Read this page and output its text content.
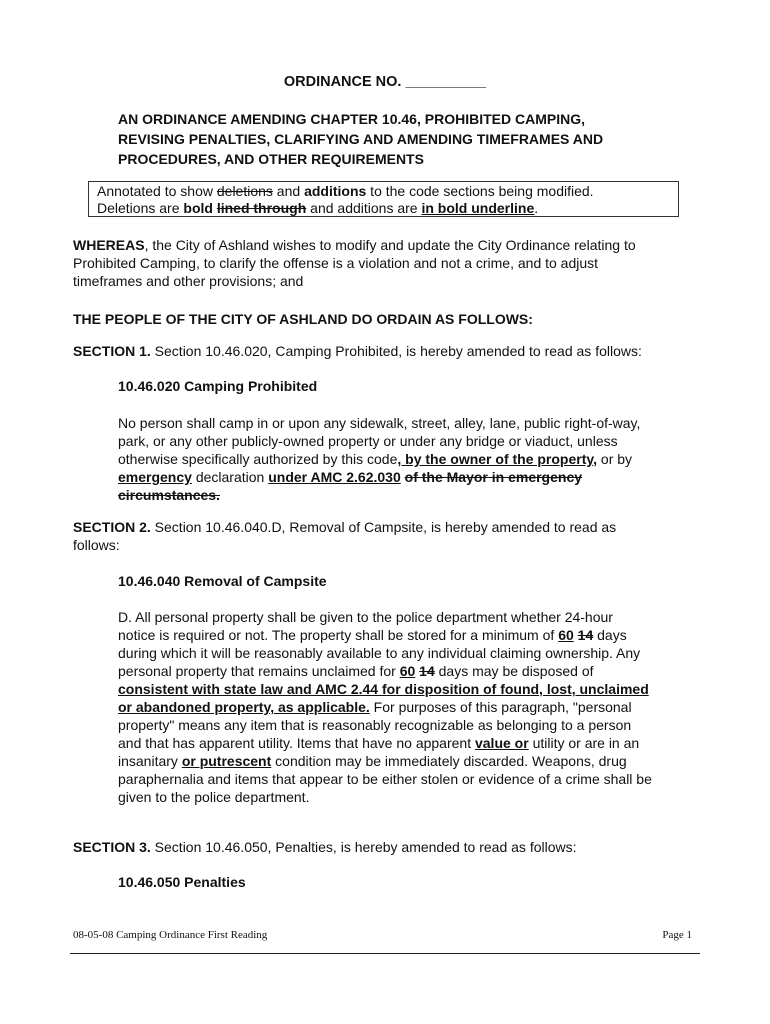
ORDINANCE NO. __________
AN ORDINANCE AMENDING CHAPTER 10.46, PROHIBITED CAMPING,
REVISING PENALTIES, CLARIFYING AND AMENDING TIMEFRAMES AND
PROCEDURES, AND OTHER REQUIREMENTS
Annotated to show deletions and additions to the code sections being modified.
Deletions are bold lined through and additions are in bold underline.
WHEREAS, the City of Ashland wishes to modify and update the City Ordinance relating to
Prohibited Camping, to clarify the offense is a violation and not a crime, and to adjust
timeframes and other provisions; and
THE PEOPLE OF THE CITY OF ASHLAND DO ORDAIN AS FOLLOWS:
SECTION 1. Section 10.46.020, Camping Prohibited, is hereby amended to read as follows:
10.46.020 Camping Prohibited
No person shall camp in or upon any sidewalk, street, alley, lane, public right-of-way,
park, or any other publicly-owned property or under any bridge or viaduct, unless
otherwise specifically authorized by this code, by the owner of the property, or by
emergency declaration under AMC 2.62.030 of the Mayor in emergency
circumstances.
SECTION 2. Section 10.46.040.D, Removal of Campsite, is hereby amended to read as
follows:
10.46.040 Removal of Campsite
D. All personal property shall be given to the police department whether 24-hour
notice is required or not. The property shall be stored for a minimum of 60 14 days
during which it will be reasonably available to any individual claiming ownership. Any
personal property that remains unclaimed for 60 14 days may be disposed of
consistent with state law and AMC 2.44 for disposition of found, lost, unclaimed
or abandoned property, as applicable. For purposes of this paragraph, "personal
property" means any item that is reasonably recognizable as belonging to a person
and that has apparent utility. Items that have no apparent value or utility or are in an
insanitary or putrescent condition may be immediately discarded. Weapons, drug
paraphernalia and items that appear to be either stolen or evidence of a crime shall be
given to the police department.
SECTION 3. Section 10.46.050, Penalties, is hereby amended to read as follows:
10.46.050 Penalties
08-05-08 Camping Ordinance First Reading	Page 1
